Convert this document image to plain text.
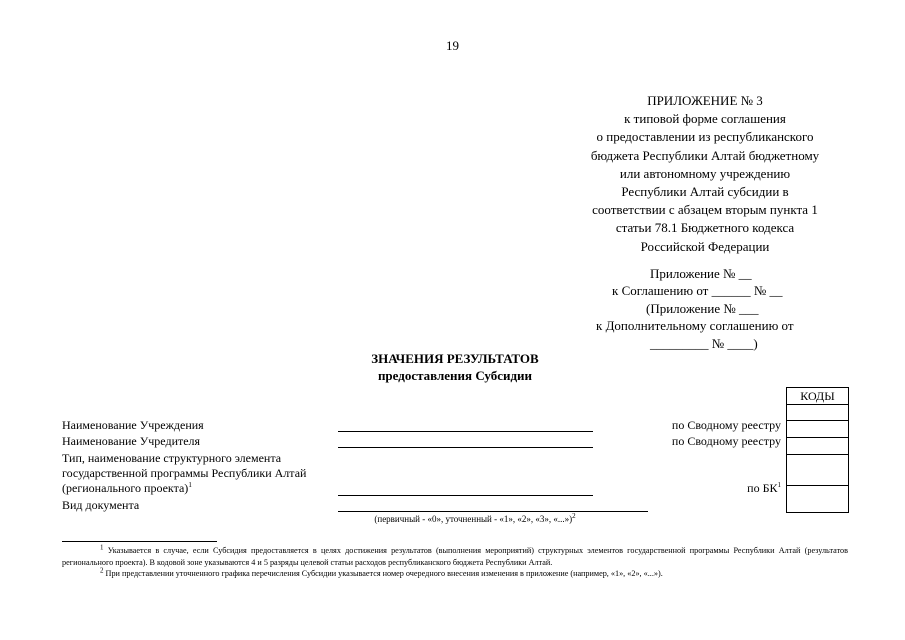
19
ПРИЛОЖЕНИЕ № 3
к типовой форме соглашения
о предоставлении из республиканского
бюджета Республики Алтай бюджетному
или автономному учреждению
Республики Алтай субсидии в
соответствии с абзацем вторым пункта 1
статьи 78.1 Бюджетного кодекса
Российской Федерации
Приложение № __
к Соглашению от ______ № __
(Приложение № ___
к Дополнительному соглашению от
_________ № ____)
ЗНАЧЕНИЯ РЕЗУЛЬТАТОВ
предоставления Субсидии
КОДЫ
Наименование Учреждения
Наименование Учредителя
Тип, наименование структурного элемента
государственной программы Республики Алтай
(регионального проекта)$^1$
Вид документа
по Сводному реестру
по Сводному реестру
по $БК^1$
(первичный - «0», уточненный - «1», «2», «3», «...»)$^2$

$^1$ Указывается в случае, если Субсидия предоставляется в целях достижения результатов (выполнения мероприятий) структурных элементов государственной программы Республики Алтай (результатов регионального проекта). В кодовой зоне указываются 4 и 5 разряды целевой статьи расходов республиканского бюджета Республики Алтай.

$^2$ При представлении уточненного графика перечисления Субсидии указывается номер очередного внесения изменения в приложение (например, «1», «2», «...»).
